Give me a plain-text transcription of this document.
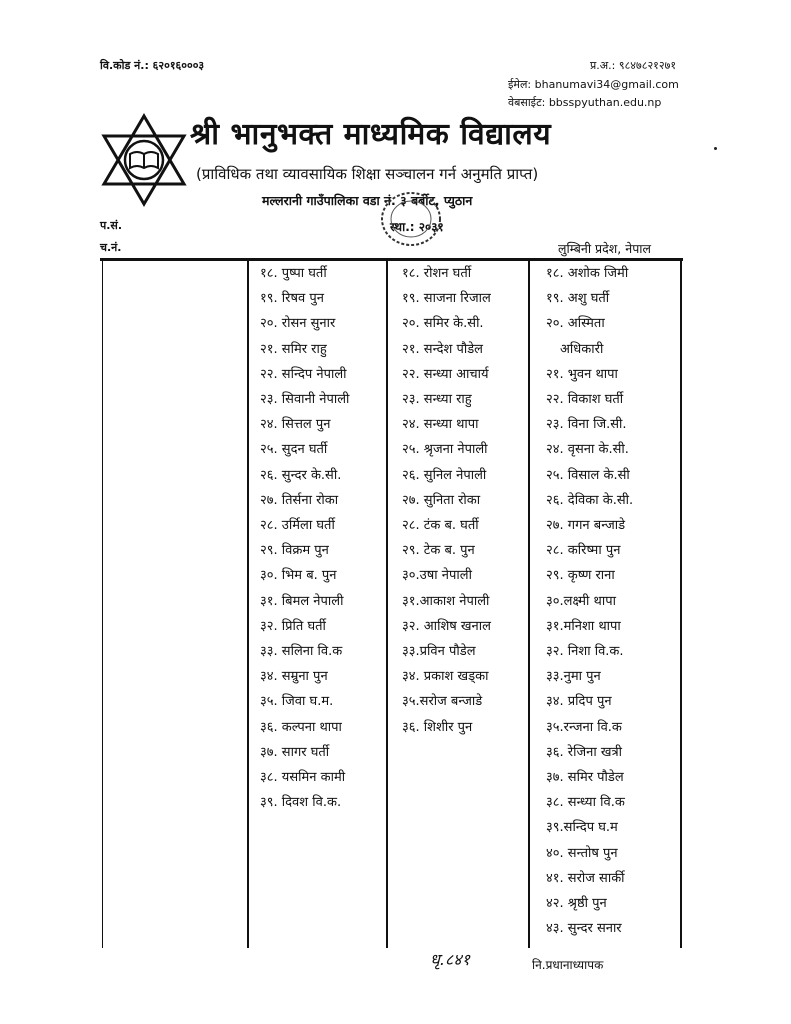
वि.कोड नं.: ६२०१६०००३	प्र.अ.: ९८४७८२१२७१
ईमेल: bhanumavi34@gmail.com
वेबसाईट: bbsspyuthan.edu.np
श्री भानुभक्त माध्यमिक विद्यालय
(प्राविधिक तथा व्यावसायिक शिक्षा सञ्चालन गर्न अनुमति प्राप्त)
मल्लरानी गाउँपालिका वडा नं. ३ बर्बोट, प्युठान
प.सं.
च.नं.
स्था.: २०३१
लुम्बिनी प्रदेश, नेपाल
१८. पुष्पा घर्ती
१९. रिषव पुन
२०. रोसन सुनार
२१. समिर राहु
२२. सन्दिप नेपाली
२३. सिवानी नेपाली
२४. सित्तल पुन
२५. सुदन घर्ती
२६. सुन्दर के.सी.
२७. तिर्सना रोका
२८. उर्मिला घर्ती
२९. विक्रम पुन
३०. भिम ब. पुन
३१. बिमल नेपाली
३२. प्रिति घर्ती
३३. सलिना वि.क
३४. सम्रुना पुन
३५. जिवा घ.म.
३६. कल्पना थापा
३७. सागर घर्ती
३८. यसमिन कामी
३९. दिवश वि.क.
१८. रोशन घर्ती
१९. साजना रिजाल
२०. समिर के.सी.
२१. सन्देश पौडेल
२२. सन्ध्या आचार्य
२३. सन्ध्या राहु
२४. सन्ध्या थापा
२५. श्रृजना नेपाली
२६. सुनिल नेपाली
२७. सुनिता रोका
२८. टंक ब. घर्ती
२९. टेक ब. पुन
३०.उषा नेपाली
३१.आकाश नेपाली
३२. आशिष खनाल
३३.प्रविन पौडेल
३४. प्रकाश खड्का
३५.सरोज बन्जाडे
३६. शिशीर पुन
१८. अशोक जिमी
१९. अशु घर्ती
२०. अस्मिता
अधिकारी
२१. भुवन थापा
२२. विकाश घर्ती
२३. विना जि.सी.
२४. वृसना के.सी.
२५. विसाल के.सी
२६. देविका के.सी.
२७. गगन बन्जाडे
२८. करिष्मा पुन
२९. कृष्ण राना
३०.लक्ष्मी थापा
३१.मनिशा थापा
३२. निशा वि.क.
३३.नुमा पुन
३४. प्रदिप पुन
३५.रन्जना वि.क
३६. रेजिना खत्री
३७. समिर पौडेल
३८. सन्ध्या वि.क
३९.सन्दिप घ.म
४०. सन्तोष पुन
४१. सरोज सार्की
४२. श्रृष्ठी पुन
४३. सुन्दर सनार
धृ.८४१	नि.प्रधानाध्यापक
